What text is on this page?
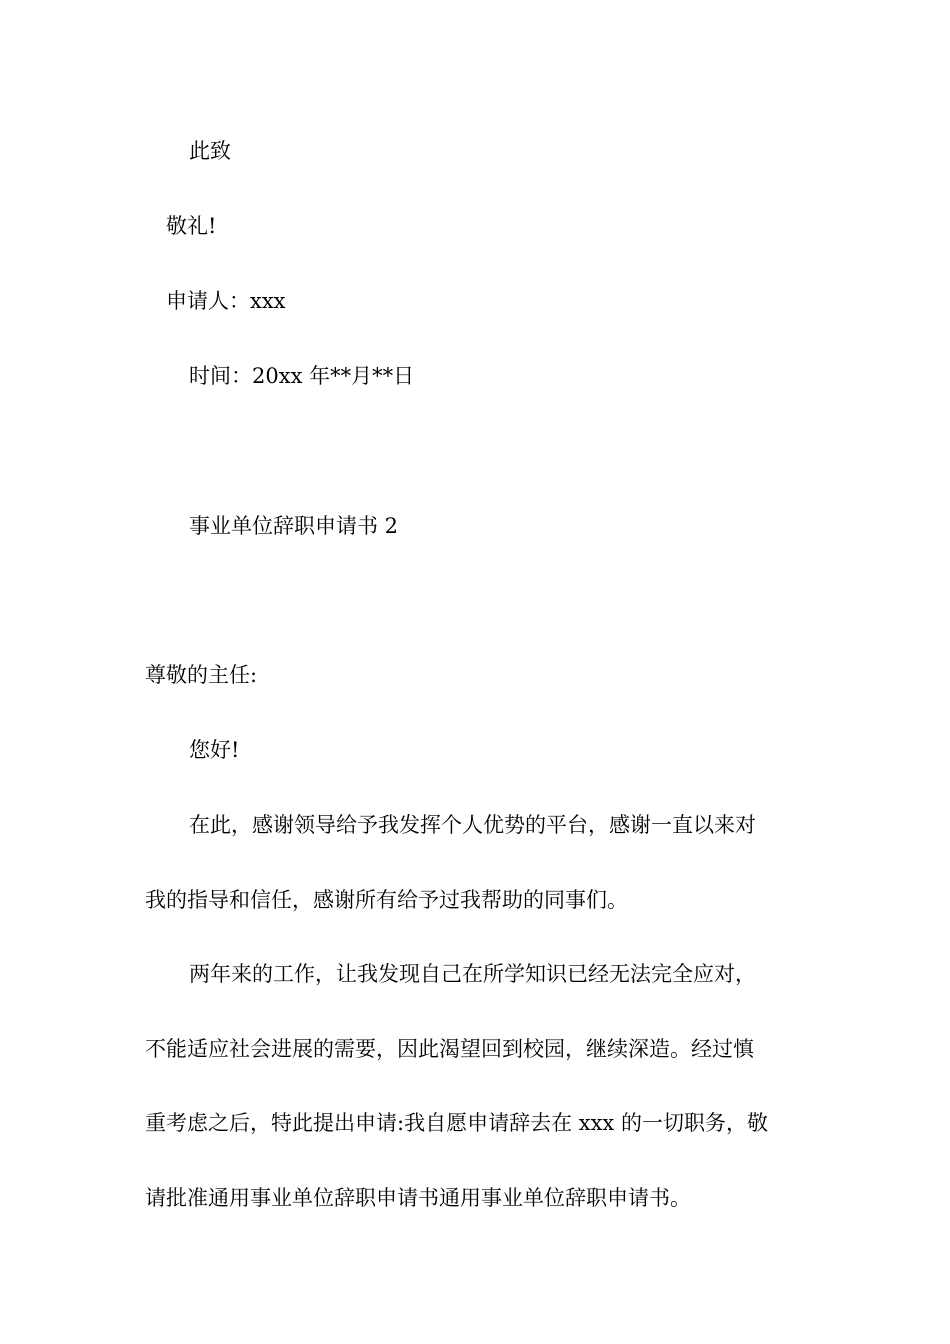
此致
敬礼!
申请人：xxx
时间：20xx 年**月**日
事业单位辞职申请书 2
尊敬的主任:
您好!
在此，感谢领导给予我发挥个人优势的平台，感谢一直以来对
我的指导和信任，感谢所有给予过我帮助的同事们。
两年来的工作，让我发现自己在所学知识已经无法完全应对，
不能适应社会进展的需要，因此渴望回到校园，继续深造。经过慎
重考虑之后，特此提出申请:我自愿申请辞去在 xxx 的一切职务，敬
请批准通用事业单位辞职申请书通用事业单位辞职申请书。
